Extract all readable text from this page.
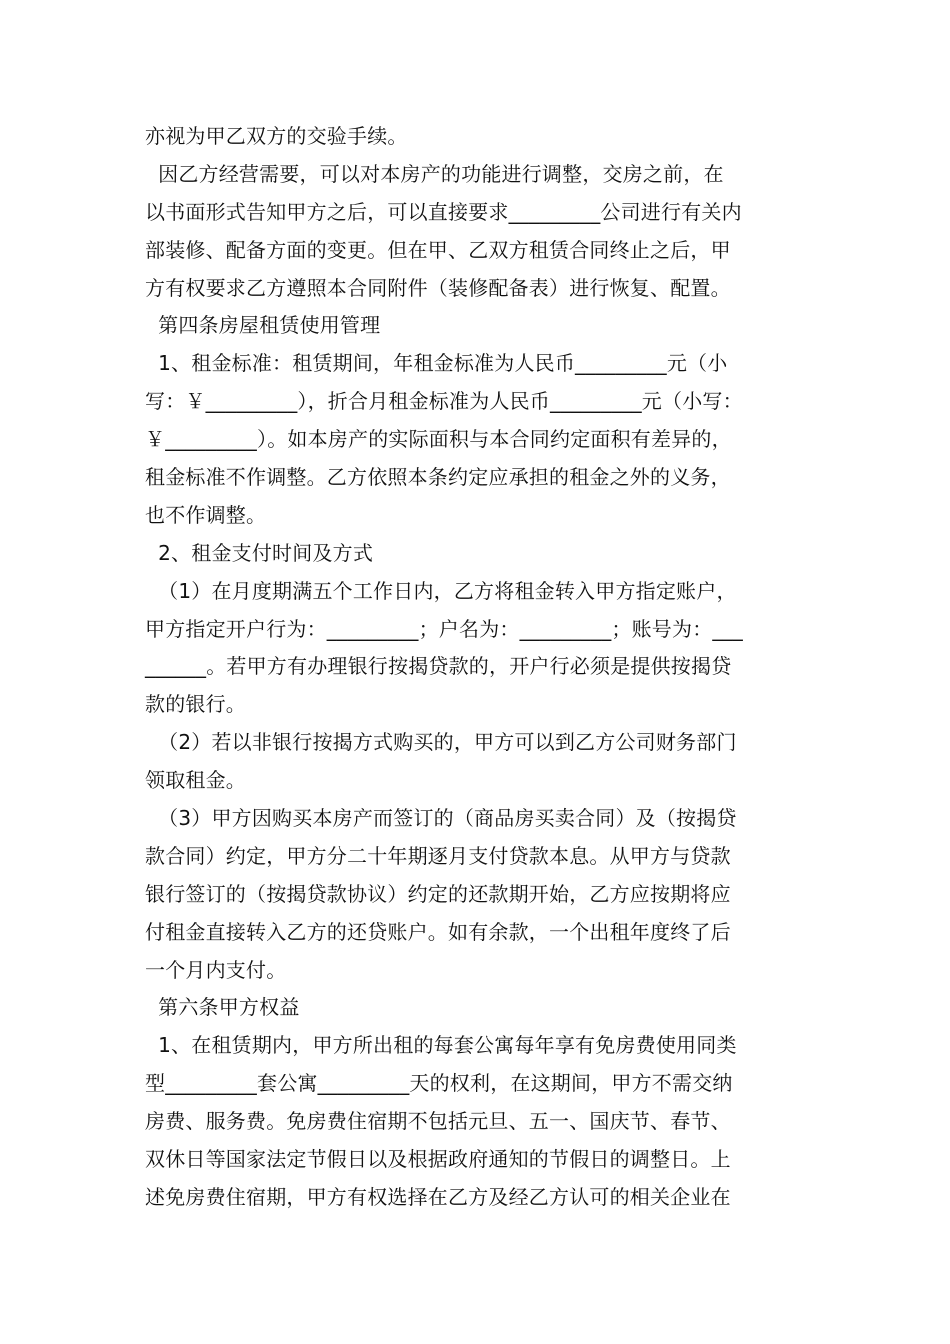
亦视为甲乙双方的交验手续。
因乙方经营需要，可以对本房产的功能进行调整，交房之前，在
以书面形式告知甲方之后，可以直接要求_________公司进行有关内
部装修、配备方面的变更。但在甲、乙双方租赁合同终止之后，甲
方有权要求乙方遵照本合同附件（装修配备表）进行恢复、配置。
第四条房屋租赁使用管理
1、租金标准：租赁期间，年租金标准为人民币_________元（小
写：￥_________），折合月租金标准为人民币_________元（小写：
￥_________）。如本房产的实际面积与本合同约定面积有差异的，
租金标准不作调整。乙方依照本条约定应承担的租金之外的义务，
也不作调整。
2、租金支付时间及方式
（1）在月度期满五个工作日内，乙方将租金转入甲方指定账户，
甲方指定开户行为：_________；户名为：_________；账号为：___
______。若甲方有办理银行按揭贷款的，开户行必须是提供按揭贷
款的银行。
（2）若以非银行按揭方式购买的，甲方可以到乙方公司财务部门
领取租金。
（3）甲方因购买本房产而签订的（商品房买卖合同）及（按揭贷
款合同）约定，甲方分二十年期逐月支付贷款本息。从甲方与贷款
银行签订的（按揭贷款协议）约定的还款期开始，乙方应按期将应
付租金直接转入乙方的还贷账户。如有余款，一个出租年度终了后
一个月内支付。
第六条甲方权益
1、在租赁期内，甲方所出租的每套公寓每年享有免房费使用同类
型_________套公寓_________天的权利，在这期间，甲方不需交纳
房费、服务费。免房费住宿期不包括元旦、五一、国庆节、春节、
双休日等国家法定节假日以及根据政府通知的节假日的调整日。上
述免房费住宿期，甲方有权选择在乙方及经乙方认可的相关企业在
